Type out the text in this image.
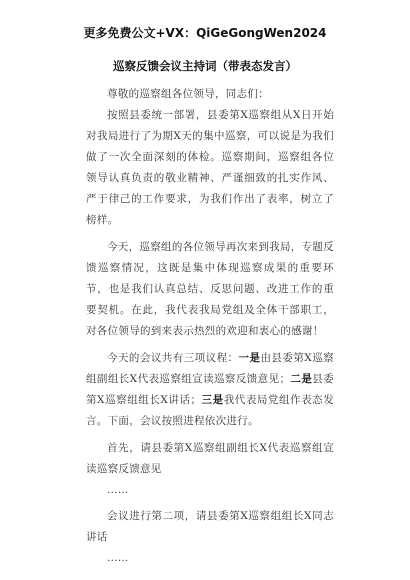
更多免费公文+VX：QiGeGongWen2024
巡察反馈会议主持词（带表态发言）

尊敬的巡察组各位领导，同志们：

按照县委统一部署，县委第X巡察组从X日开始对我局进行了为期X天的集中巡察，可以说是为我们做了一次全面深刻的体检。巡察期间，巡察组各位领导认真负责的敬业精神、严谨细致的扎实作风、严于律己的工作要求，为我们作出了表率，树立了榜样。

今天，巡察组的各位领导再次来到我局，专题反馈巡察情况，这既是集中体现巡察成果的重要环节，也是我们认真总结、反思问题、改进工作的重要契机。在此，我代表我局党组及全体干部职工，对各位领导的到来表示热烈的欢迎和衷心的感谢！

今天的会议共有三项议程：一是由县委第X巡察组副组长X代表巡察组宣读巡察反馈意见；二是县委第X巡察组组长X讲话；三是我代表局党组作表态发言。下面，会议按照进程依次进行。

首先，请县委第X巡察组副组长X代表巡察组宣读巡察反馈意见

……

会议进行第二项，请县委第X巡察组组长X同志讲话

……
